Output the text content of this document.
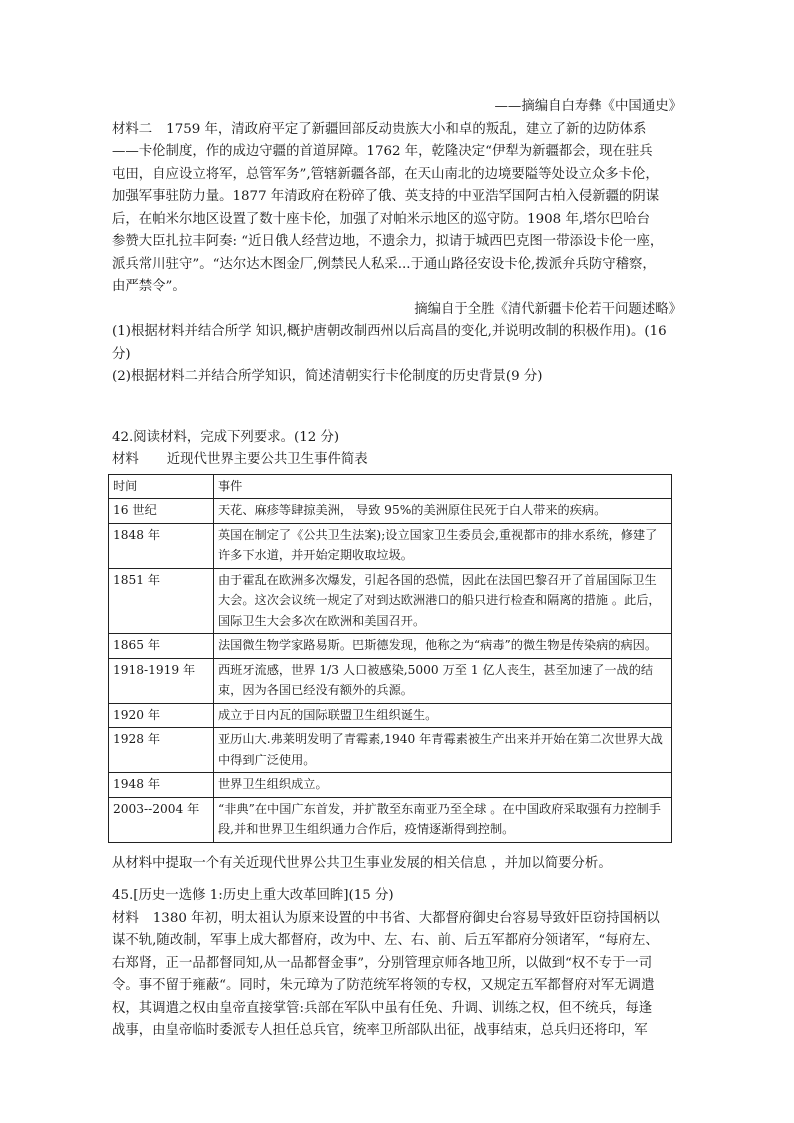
——摘编自白寿彝《中国通史》

材料二 1759 年，清政府平定了新疆回部反动贵族大小和卓的叛乱，建立了新的边防体系

——卡伦制度，作的成边守疆的首道屏障。1762 年，乾隆决定“伊犁为新疆都会，现在驻兵

屯田，自应设立将军，总管军务”,管辖新疆各部，在天山南北的边境要隘等处设立众多卡伦，

加强军事驻防力量。1877 年清政府在粉碎了俄、英支持的中亚浩罕国阿古柏入侵新疆的阴谋

后，在帕米尔地区设置了数十座卡伦，加强了对帕米示地区的巡守防。1908 年,塔尔巴哈台

参赞大臣扎拉丰阿奏: “近日俄人经营边地，不遗余力，拟请于城西巴克图一带添设卡伦一座，

派兵常川驻守”。“达尔达木图金厂,例禁民人私采...于通山路径安设卡伦,拨派弁兵防守稽察，

由严禁令”。

摘编自于全胜《清代新疆卡伦若干问题述略》

(1)根据材料并结合所学 知识,概护唐朝改制西州以后高昌的变化,并说明改制的积极作用)。(16

分)

(2)根据材料二并结合所学知识，简述清朝实行卡伦制度的历史背景(9 分)

42.阅读材料，完成下列要求。(12 分)

材料 近现代世界主要公共卫生事件简表

时间	事件
16 世纪	天花、麻疹等肆掠美洲， 导致 95%的美洲原住民死于白人带来的疾病。
1848 年	英国在制定了《公共卫生法案);设立国家卫生委员会,重视都市的排水系统，修建了许多下水道，并开始定期收取垃圾。
1851 年	由于霍乱在欧洲多次爆发，引起各国的恐慌，因此在法国巴黎召开了首届国际卫生大会。这次会议统一规定了对到达欧洲港口的船只进行检查和隔离的措施 。此后，国际卫生大会多次在欧洲和美国召开。
1865 年	法国微生物学家路易斯。巴斯德发现，他称之为“病毒”的微生物是传染病的病因。
1918-1919 年	西班牙流感，世界 1/3 人口被感染,5000 万至 1 亿人丧生，甚至加速了一战的结束，因为各国已经没有额外的兵源。
1920 年	成立于日内瓦的国际联盟卫生组织诞生。
1928 年	亚历山大.弗莱明发明了青霉素,1940 年青霉素被生产出来并开始在第二次世界大战中得到广泛使用。
1948 年	世界卫生组织成立。
2003--2004 年	“非典”在中国广东首发，并扩散至东南亚乃至全球 。在中国政府采取强有力控制手段,并和世界卫生组织通力合作后，疫情逐渐得到控制。

从材料中提取一个有关近现代世界公共卫生事业发展的相关信息 ，并加以简要分析。

45.[历史一选修 1:历史上重大改革回眸](15 分)

材料 1380 年初，明太祖认为原来设置的中书省、大都督府御史台容易导致奸臣窃持国柄以

谋不轨,随改制，军事上成大都督府，改为中、左、右、前、后五军都府分领诸军，“每府左、

右郑肾，正一品都督同知,从一品都督金事”，分别管理京师各地卫所，以做到“权不专于一司

令。事不留于雍蔽“。同时，朱元璋为了防范统军将领的专权，又规定五军都督府对军无调遣

权，其调遣之权由皇帝直接掌管:兵部在军队中虽有任免、升调、训练之权，但不统兵，每逢

战事，由皇帝临时委派专人担任总兵官，统率卫所部队出征，战事结束，总兵归还将印，军
